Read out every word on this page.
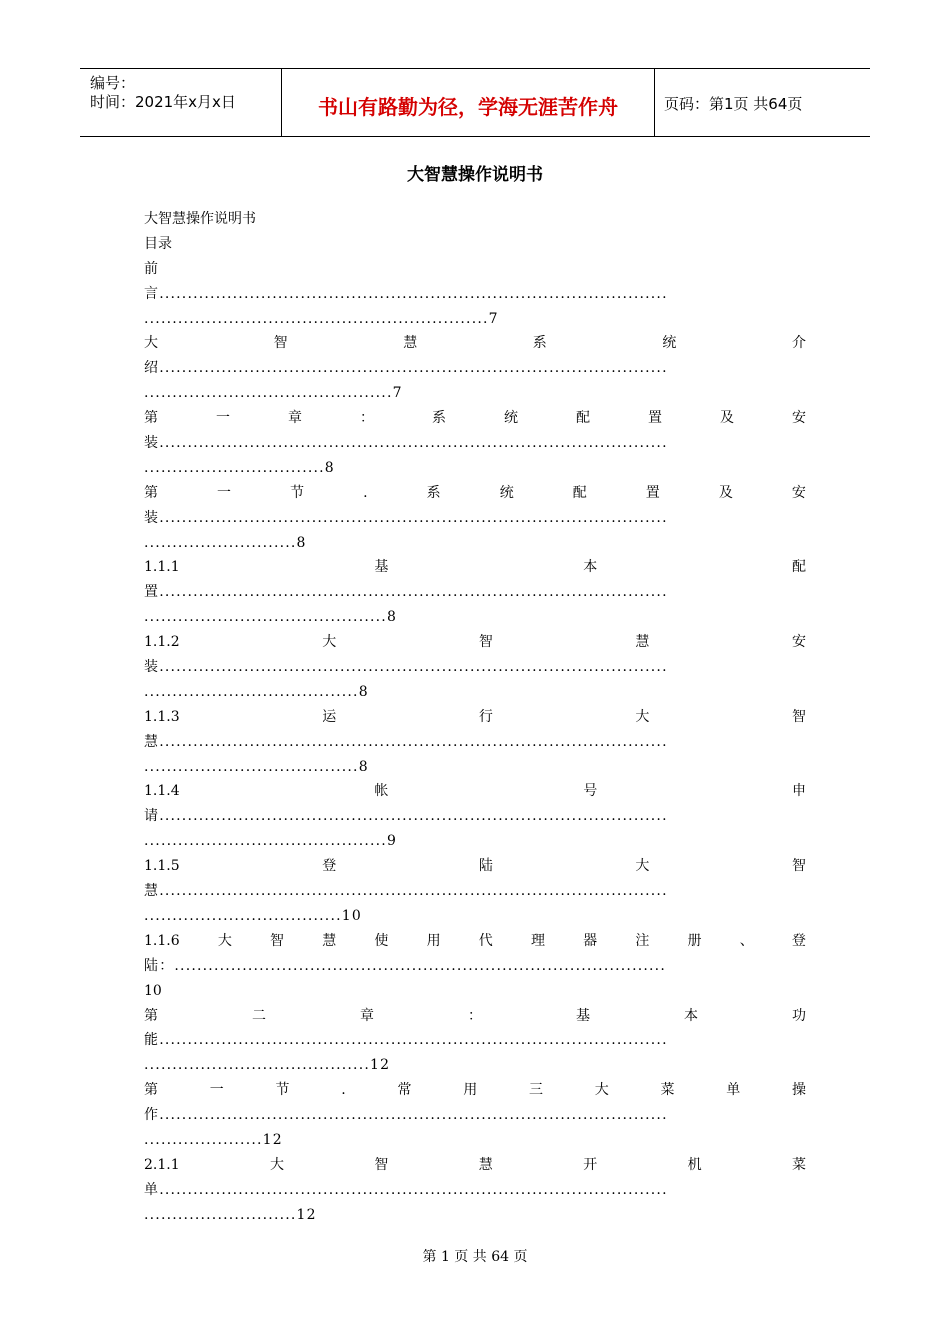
编号：
时间：2021年x月x日	书山有路勤为径，学海无涯苦作舟	页码：第1页 共64页
大智慧操作说明书
大智慧操作说明书
目录
前
言..........................................................................................
.............................................................7
大	智	慧	系	统	介
绍..........................................................................................
............................................7
第	一	章	：	系	统	配	置	及	安
装..........................................................................................
................................8
第	一	节	.	系	统	配	置	及	安
装..........................................................................................
...........................8
1.1.1	基	本	配
置..........................................................................................
...........................................8
1.1.2	大	智	慧	安
装..........................................................................................
......................................8
1.1.3	运	行	大	智
慧..........................................................................................
......................................8
1.1.4	帐	号	申
请..........................................................................................
...........................................9
1.1.5	登	陆	大	智
慧..........................................................................................
...................................10
1.1.6	大	智	慧	使	用	代	理	器	注	册	、	登
陆：.......................................................................................
10
第	二	章	：	基	本	功
能..........................................................................................
........................................12
第	一	节	.	常	用	三	大	菜	单	操
作..........................................................................................
.....................12
2.1.1	大	智	慧	开	机	菜
单..........................................................................................
...........................12
第 1 页 共 64 页
